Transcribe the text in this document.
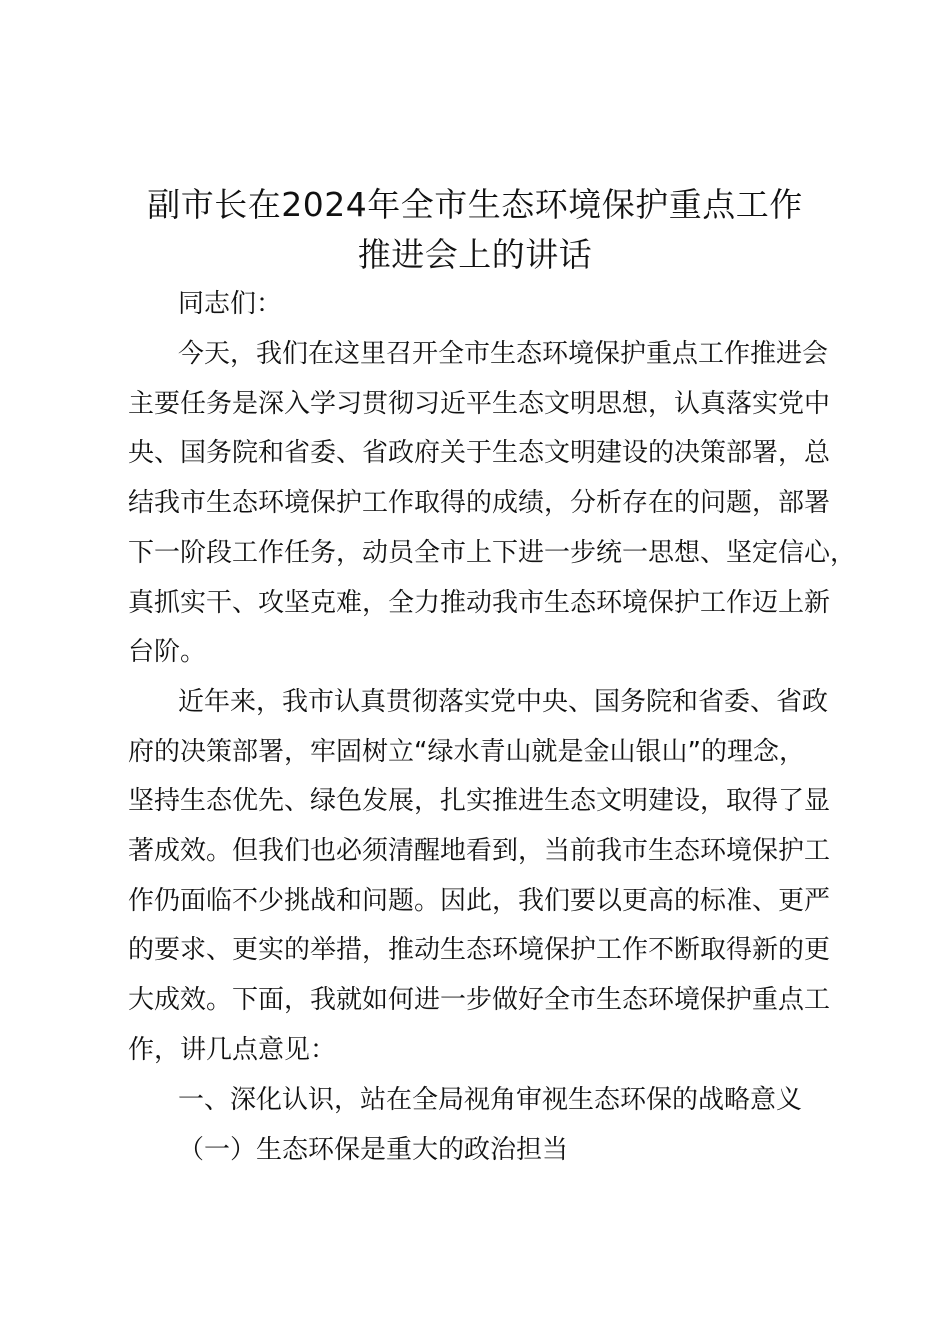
副市长在2024年全市生态环境保护重点工作
推进会上的讲话
同志们：
今天，我们在这里召开全市生态环境保护重点工作推进会
主要任务是深入学习贯彻习近平生态文明思想，认真落实党中
央、国务院和省委、省政府关于生态文明建设的决策部署，总
结我市生态环境保护工作取得的成绩，分析存在的问题，部署
下一阶段工作任务，动员全市上下进一步统一思想、坚定信心，
真抓实干、攻坚克难，全力推动我市生态环境保护工作迈上新
台阶。
近年来，我市认真贯彻落实党中央、国务院和省委、省政
府的决策部署，牢固树立“绿水青山就是金山银山”的理念，
坚持生态优先、绿色发展，扎实推进生态文明建设，取得了显
著成效。但我们也必须清醒地看到，当前我市生态环境保护工
作仍面临不少挑战和问题。因此，我们要以更高的标准、更严
的要求、更实的举措，推动生态环境保护工作不断取得新的更
大成效。下面，我就如何进一步做好全市生态环境保护重点工
作，讲几点意见：
一、深化认识，站在全局视角审视生态环保的战略意义
（一）生态环保是重大的政治担当
